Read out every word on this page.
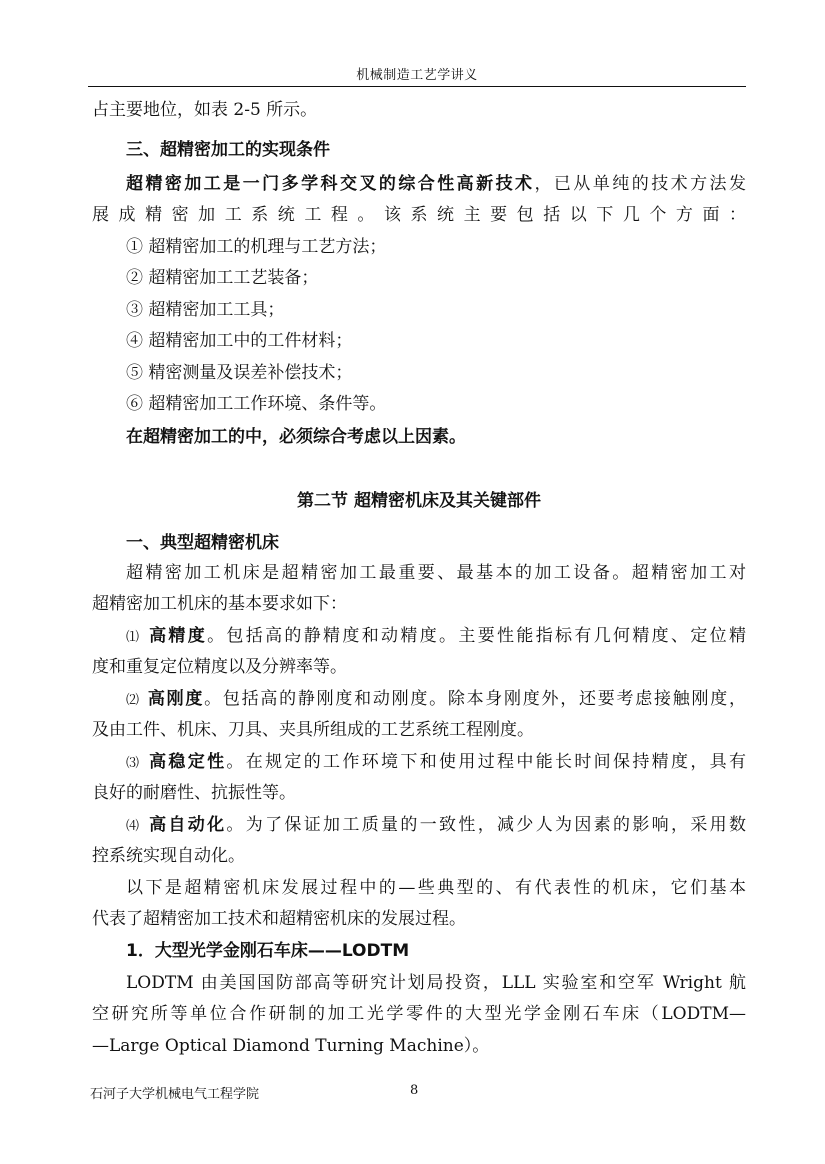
机械制造工艺学讲义
占主要地位，如表 2-5 所示。
三、超精密加工的实现条件
超精密加工是一门多学科交叉的综合性高新技术，已从单纯的技术方法发
展成精密加工系统工程。该系统主要包括以下几个方面：
① 超精密加工的机理与工艺方法；
② 超精密加工工艺装备；
③ 超精密加工工具；
④ 超精密加工中的工件材料；
⑤ 精密测量及误差补偿技术；
⑥ 超精密加工工作环境、条件等。
在超精密加工的中，必须综合考虑以上因素。
第二节 超精密机床及其关键部件
一、典型超精密机床
超精密加工机床是超精密加工最重要、最基本的加工设备。超精密加工对
超精密加工机床的基本要求如下：
⑴ 高精度。包括高的静精度和动精度。主要性能指标有几何精度、定位精
度和重复定位精度以及分辨率等。
⑵ 高刚度。包括高的静刚度和动刚度。除本身刚度外，还要考虑接触刚度，
及由工件、机床、刀具、夹具所组成的工艺系统工程刚度。
⑶ 高稳定性。在规定的工作环境下和使用过程中能长时间保持精度，具有
良好的耐磨性、抗振性等。
⑷ 高自动化。为了保证加工质量的一致性，减少人为因素的影响，采用数
控系统实现自动化。
以下是超精密机床发展过程中的—些典型的、有代表性的机床，它们基本
代表了超精密加工技术和超精密机床的发展过程。
1．大型光学金刚石车床——LODTM
LODTM 由美国国防部高等研究计划局投资，LLL 实验室和空军 Wright 航
空研究所等单位合作研制的加工光学零件的大型光学金刚石车床（LODTM—
—Large Optical Diamond Turning Machine）。
石河子大学机械电气工程学院	8
